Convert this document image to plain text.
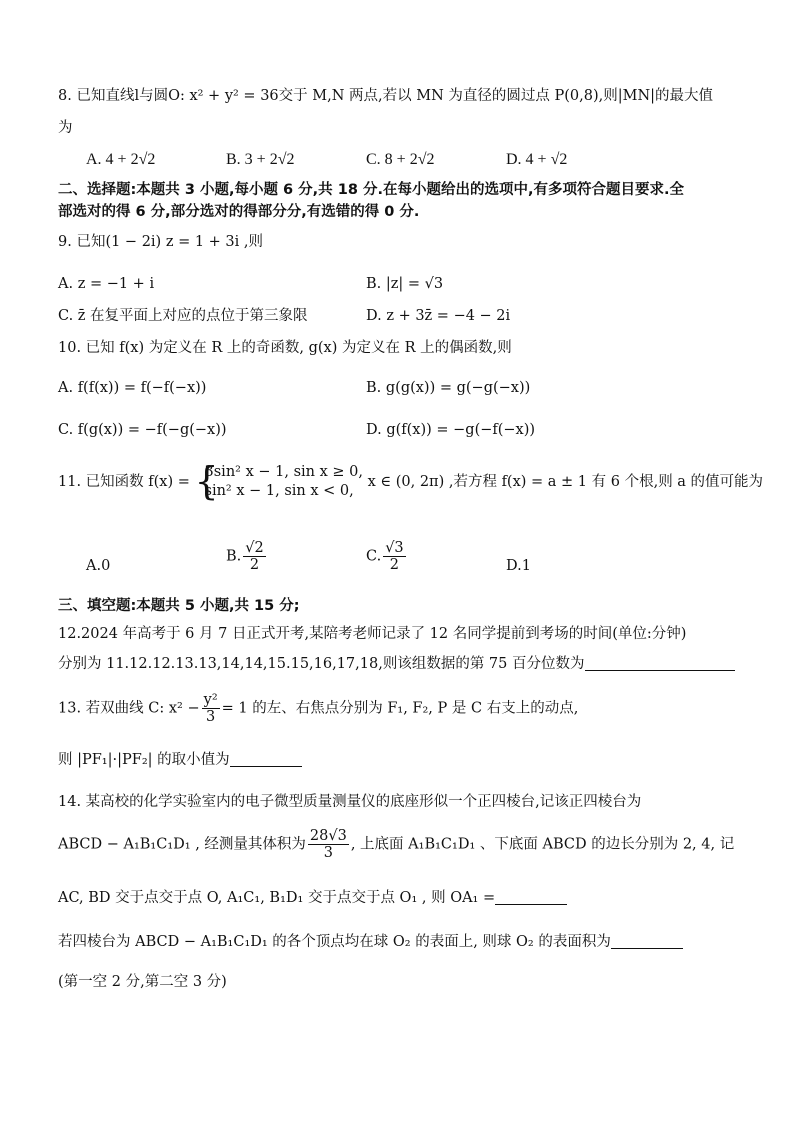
8. 已知直线l与圆O: x² + y² = 36交于 M,N 两点,若以 MN 为直径的圆过点 P(0,8),则|MN|的最大值
为
A. 4 + 2√2	B. 3 + 2√2	C. 8 + 2√2	D. 4 + √2
二、选择题:本题共 3 小题,每小题 6 分,共 18 分.在每小题给出的选项中,有多项符合题目要求.全
部选对的得 6 分,部分选对的得部分分,有选错的得 0 分.
9. 已知(1 − 2i) z = 1 + 3i ,则
A. z = −1 + i	B. |z| = √3
C. z̄ 在复平面上对应的点位于第三象限	D. z + 3z̄ = −4 − 2i
10. 已知 f(x) 为定义在 R 上的奇函数, g(x) 为定义在 R 上的偶函数,则
A. f(f(x)) = f(−f(−x))	B. g(g(x)) = g(−g(−x))
C. f(g(x)) = −f(−g(−x))	D. g(f(x)) = −g(−f(−x))
11. 已知函数 f(x) = {
3sin² x − 1, sin x ≥ 0,
sin² x − 1, sin x < 0,
x ∈ (0, 2π) ,若方程 f(x) = a ± 1 有 6 个根,则 a 的值可能为
A.0
B. $\frac{√2}{2}$	C. $\frac{√3}{2}$	D.1
三、填空题:本题共 5 小题,共 15 分;
12.2024 年高考于 6 月 7 日正式开考,某陪考老师记录了 12 名同学提前到考场的时间(单位:分钟)
分别为 11.12.12.13.13,14,14,15.15,16,17,18,则该组数据的第 75 百分位数为
13. 若双曲线 C: $x^2 - \frac{\text{y²}}{3} = 1$ 的左、右焦点分别为 F₁, F₂, P 是 C 右支上的动点,
则 |PF₁|·|PF₂| 的取小值为
14. 某高校的化学实验室内的电子微型质量测量仪的底座形似一个正四棱台,记该正四棱台为
ABCD − A₁B₁C₁D₁ , 经测量其体积为 $\frac{28√3}{3}$ , 上底面 A₁B₁C₁D₁ 、下底面 ABCD 的边长分别为 2, 4, 记
AC, BD 交于点交于点 O, A₁C₁, B₁D₁ 交于点交于点 O₁ , 则 OA₁ =
若四棱台为 ABCD − A₁B₁C₁D₁ 的各个顶点均在球 O₂ 的表面上, 则球 O₂ 的表面积为
(第一空 2 分,第二空 3 分)
